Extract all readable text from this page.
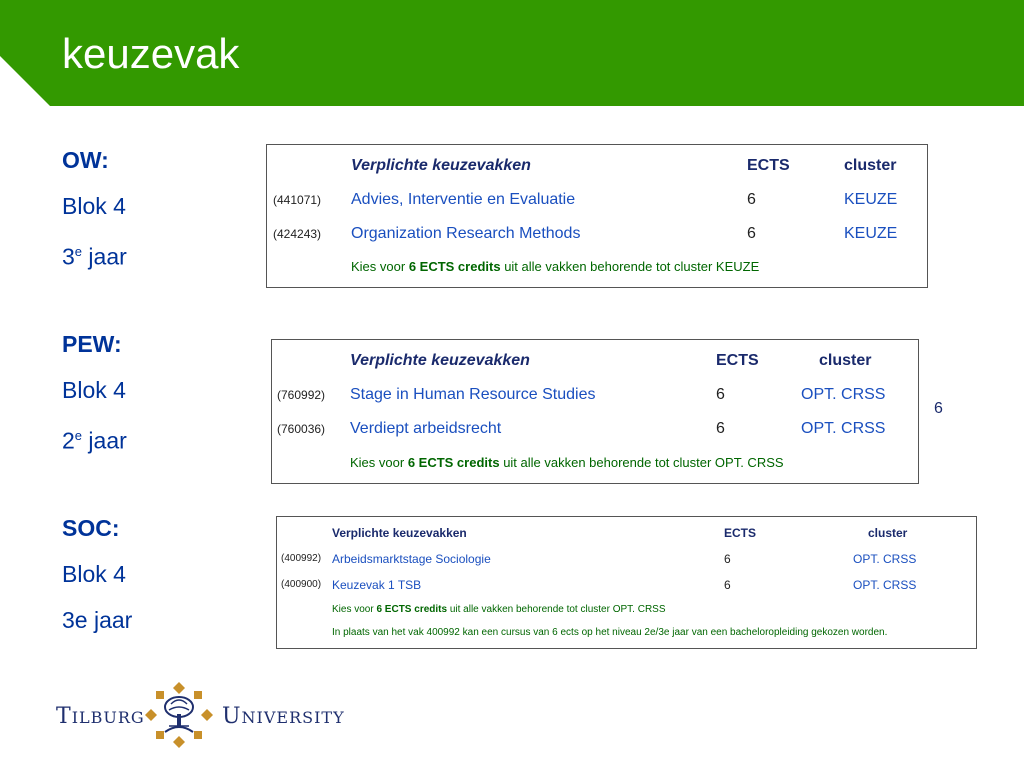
keuzevak
OW:
Blok 4
3e jaar
PEW:
Blok 4
2e jaar
SOC:
Blok 4
3e jaar
Verplichte keuzevakken	ECTS	cluster
(441071) Advies, Interventie en Evaluatie	6	KEUZE
(424243) Organization Research Methods	6	KEUZE
Kies voor 6 ECTS credits uit alle vakken behorende tot cluster KEUZE
Verplichte keuzevakken	ECTS	cluster
(760992) Stage in Human Resource Studies	6	OPT. CRSS
(760036) Verdiept arbeidsrecht	6	OPT. CRSS
Kies voor 6 ECTS credits uit alle vakken behorende tot cluster OPT. CRSS
6
Verplichte keuzevakken	ECTS	cluster
(400992) Arbeidsmarktstage Sociologie	6	OPT. CRSS
(400900) Keuzevak 1 TSB	6	OPT. CRSS
Kies voor 6 ECTS credits uit alle vakken behorende tot cluster OPT. CRSS
In plaats van het vak 400992 kan een cursus van 6 ects op het niveau 2e/3e jaar van een bacheloropleiding gekozen worden.
TILBURG	UNIVERSITY
